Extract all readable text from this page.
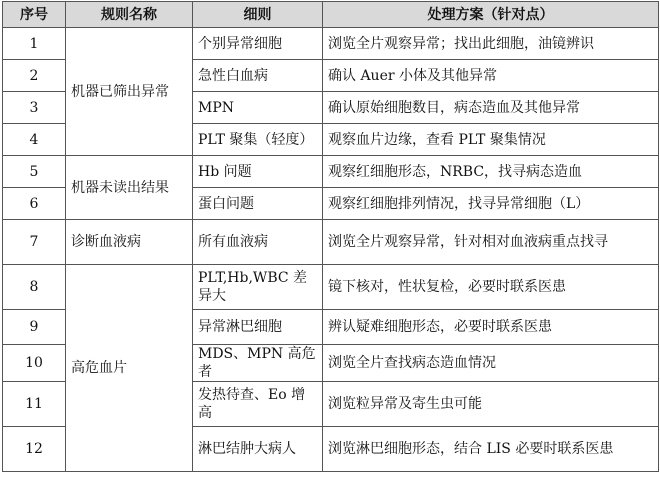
序号	规则名称	细则	处理方案（针对点）
1	机器已筛出异常	个别异常细胞	浏览全片观察异常；找出此细胞，油镜辨识
2		急性白血病	确认 Auer 小体及其他异常
3		MPN	确认原始细胞数目，病态造血及其他异常
4		PLT 聚集（轻度）	观察血片边缘，查看 PLT 聚集情况
5	机器未读出结果	Hb 问题	观察红细胞形态，NRBC，找寻病态造血
6		蛋白问题	观察红细胞排列情况，找寻异常细胞（L）
7	诊断血液病	所有血液病	浏览全片观察异常，针对相对血液病重点找寻
8	高危血片	PLT,Hb,WBC 差异大	镜下核对，性状复检，必要时联系医患
9		异常淋巴细胞	辨认疑难细胞形态，必要时联系医患
10		MDS、MPN 高危者	浏览全片查找病态造血情况
11		发热待查、Eo 增高	浏览粒异常及寄生虫可能
12		淋巴结肿大病人	浏览淋巴细胞形态，结合 LIS 必要时联系医患
